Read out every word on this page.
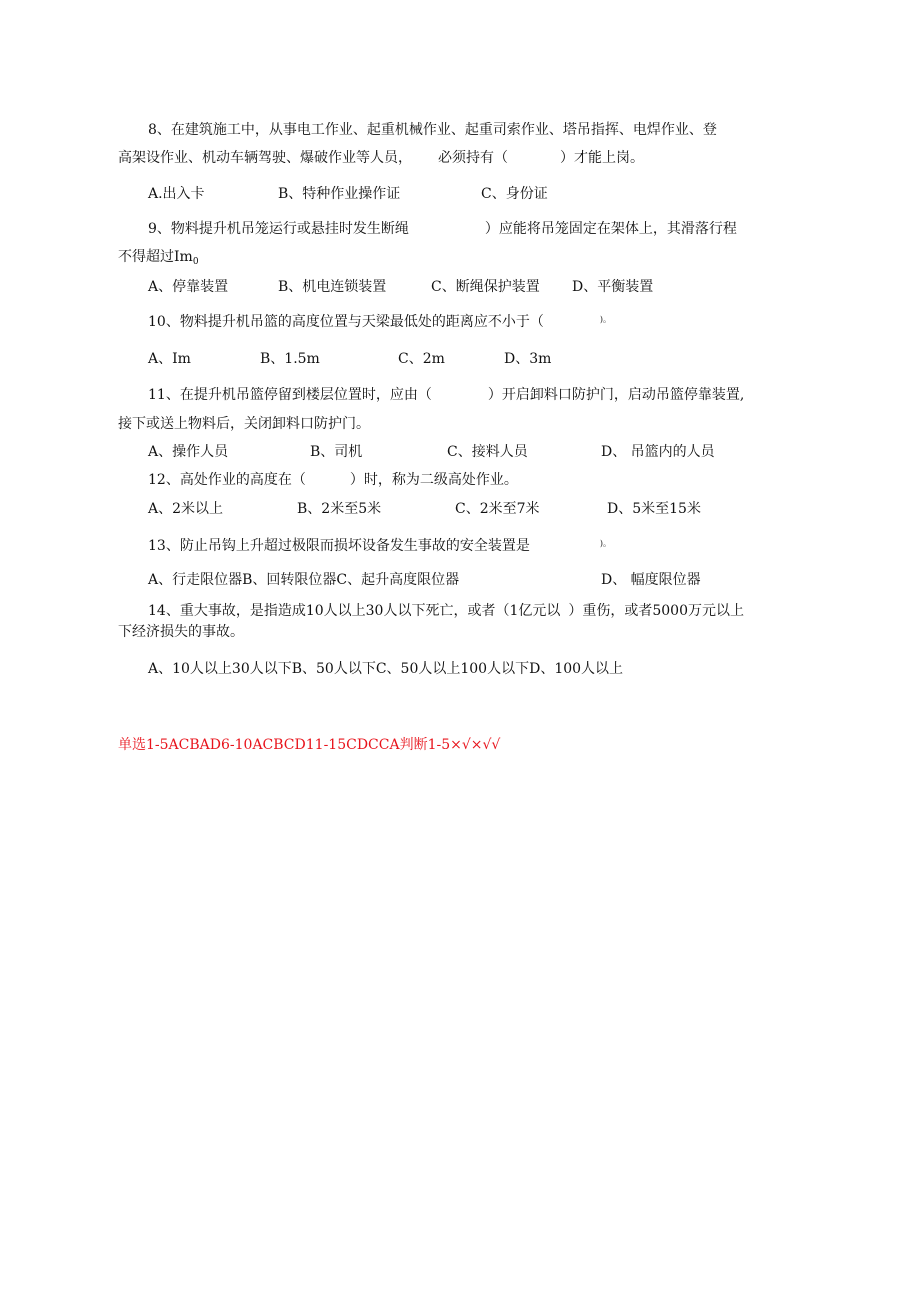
8、在建筑施工中，从事电工作业、起重机械作业、起重司索作业、塔吊指挥、电焊作业、登
高架设作业、机动车辆驾驶、爆破作业等人员， 必须持有（	）才能上岗。
A.出入卡	B、特种作业操作证	C、身份证
9、物料提升机吊笼运行或悬挂时发生断绳	）应能将吊笼固定在架体上，其滑落行程
不得超过$Im_0$
A、停靠装置	B、机电连锁装置	C、断绳保护装置 D、平衡装置
10、物料提升机吊篮的高度位置与天梁最低处的距离应不小于（	)。
A、Im	B、1.5m	C、2m	D、3m
11、在提升机吊篮停留到楼层位置时，应由（	）开启卸料口防护门，启动吊篮停靠装置,
接下或送上物料后，关闭卸料口防护门。
A、操作人员	B、司机	C、接料人员	D、 吊篮内的人员
12、高处作业的高度在（	）时，称为二级高处作业。
A、2米以上	B、2米至5米	C、2米至7米	D、5米至15米
13、防止吊钩上升超过极限而损坏设备发生事故的安全装置是	)。
A、行走限位器B、回转限位器C、起升高度限位器	D、 幅度限位器
14、重大事故，是指造成10人以上30人以下死亡，或者（1亿元以 ）重伤，或者5000万元以上
下经济损失的事故。
A、10人以上30人以下B、50人以下C、50人以上100人以下D、100人以上
单选1-5ACBAD6-10ACBCD11-15CDCCA判断1-5×√×√√
